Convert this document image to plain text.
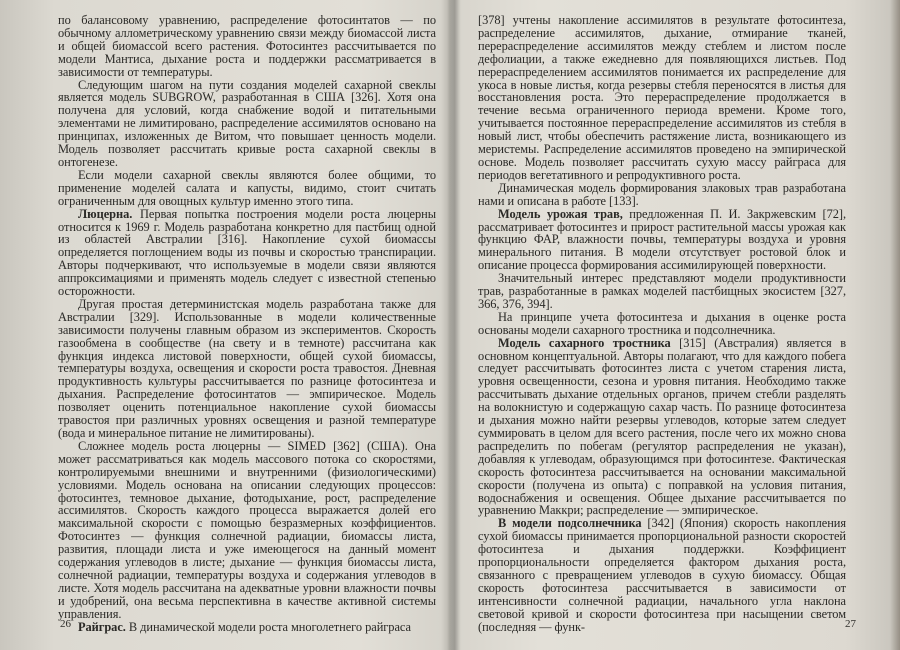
по балансовому уравнению, распределение фотосинтатов — по обычному аллометрическому уравнению связи между биомассой листа и общей биомассой всего растения. Фотосинтез рассчитывается по модели Мантиса, дыхание роста и поддержки рассматривается в зависимости от температуры.

Следующим шагом на пути создания моделей сахарной свеклы является модель SUBGROW, разработанная в США [326]. Хотя она получена для условий, когда снабжение водой и питательными элементами не лимитировано, распределение ассимилятов основано на принципах, изложенных де Витом, что повышает ценность модели. Модель позволяет рассчитать кривые роста сахарной свеклы в онтогенезе.

Если модели сахарной свеклы являются более общими, то применение моделей салата и капусты, видимо, стоит считать ограниченным для овощных культур именно этого типа.

Люцерна. Первая попытка построения модели роста люцерны относится к 1969 г. Модель разработана конкретно для пастбищ одной из областей Австралии [316]. Накопление сухой биомассы определяется поглощением воды из почвы и скоростью транспирации. Авторы подчеркивают, что используемые в модели связи являются аппроксимациями и применять модель следует с известной степенью осторожности.

Другая простая детерминистская модель разработана также для Австралии [329]. Использованные в модели количественные зависимости получены главным образом из экспериментов. Скорость газообмена в сообществе (на свету и в темноте) рассчитана как функция индекса листовой поверхности, общей сухой биомассы, температуры воздуха, освещения и скорости роста травостоя. Дневная продуктивность культуры рассчитывается по разнице фотосинтеза и дыхания. Распределение фотосинтатов — эмпирическое. Модель позволяет оценить потенциальное накопление сухой биомассы травостоя при различных уровнях освещения и разной температуре (вода и минеральное питание не лимитированы).

Сложнее модель роста люцерны — SIMED [362] (США). Она может рассматриваться как модель массового потока со скоростями, контролируемыми внешними и внутренними (физиологическими) условиями. Модель основана на описании следующих процессов: фотосинтез, темновое дыхание, фотодыхание, рост, распределение ассимилятов. Скорость каждого процесса выражается долей его максимальной скорости с помощью безразмерных коэффициентов. Фотосинтез — функция солнечной радиации, биомассы листа, развития, площади листа и уже имеющегося на данный момент содержания углеводов в листе; дыхание — функция биомассы листа, солнечной радиации, температуры воздуха и содержания углеводов в листе. Хотя модель рассчитана на адекватные уровни влажности почвы и удобрений, она весьма перспективна в качестве активной системы управления.

Райграс. В динамической модели роста многолетнего райграса

26

[378] учтены накопление ассимилятов в результате фотосинтеза, распределение ассимилятов, дыхание, отмирание тканей, перераспределение ассимилятов между стеблем и листом после дефолиации, а также ежедневно для появляющихся листьев. Под перераспределением ассимилятов понимается их распределение для укоса в новые листья, когда резервы стебля переносятся в листья для восстановления роста. Это перераспределение продолжается в течение весьма ограниченного периода времени. Кроме того, учитывается постоянное перераспределение ассимилятов из стебля в новый лист, чтобы обеспечить растяжение листа, возникающего из меристемы. Распределение ассимилятов проведено на эмпирической основе. Модель позволяет рассчитать сухую массу райграса для периодов вегетативного и репродуктивного роста.

Динамическая модель формирования злаковых трав разработана нами и описана в работе [133].

Модель урожая трав, предложенная П. И. Закржевским [72], рассматривает фотосинтез и прирост растительной массы урожая как функцию ФАР, влажности почвы, температуры воздуха и уровня минерального питания. В модели отсутствует ростовой блок и описание процесса формирования ассимилирующей поверхности.

Значительный интерес представляют модели продуктивности трав, разработанные в рамках моделей пастбищных экосистем [327, 366, 376, 394].

На принципе учета фотосинтеза и дыхания в оценке роста основаны модели сахарного тростника и подсолнечника.

Модель сахарного тростника [315] (Австралия) является в основном концептуальной. Авторы полагают, что для каждого побега следует рассчитывать фотосинтез листа с учетом старения листа, уровня освещенности, сезона и уровня питания. Необходимо также рассчитывать дыхание отдельных органов, причем стебли разделять на волокнистую и содержащую сахар часть. По разнице фотосинтеза и дыхания можно найти резервы углеводов, которые затем следует суммировать в целом для всего растения, после чего их можно снова распределить по побегам (регулятор распределения не указан), добавляя к углеводам, образующимся при фотосинтезе. Фактическая скорость фотосинтеза рассчитывается на основании максимальной скорости (получена из опыта) с поправкой на условия питания, водоснабжения и освещения. Общее дыхание рассчитывается по уравнению Маккри; распределение — эмпирическое.

В модели подсолнечника [342] (Япония) скорость накопления сухой биомассы принимается пропорциональной разности скоростей фотосинтеза и дыхания поддержки. Коэффициент пропорциональности определяется фактором дыхания роста, связанного с превращением углеводов в сухую биомассу. Общая скорость фотосинтеза рассчитывается в зависимости от интенсивности солнечной радиации, начального угла наклона световой кривой и скорости фотосинтеза при насыщении светом (последняя — функ-	27
